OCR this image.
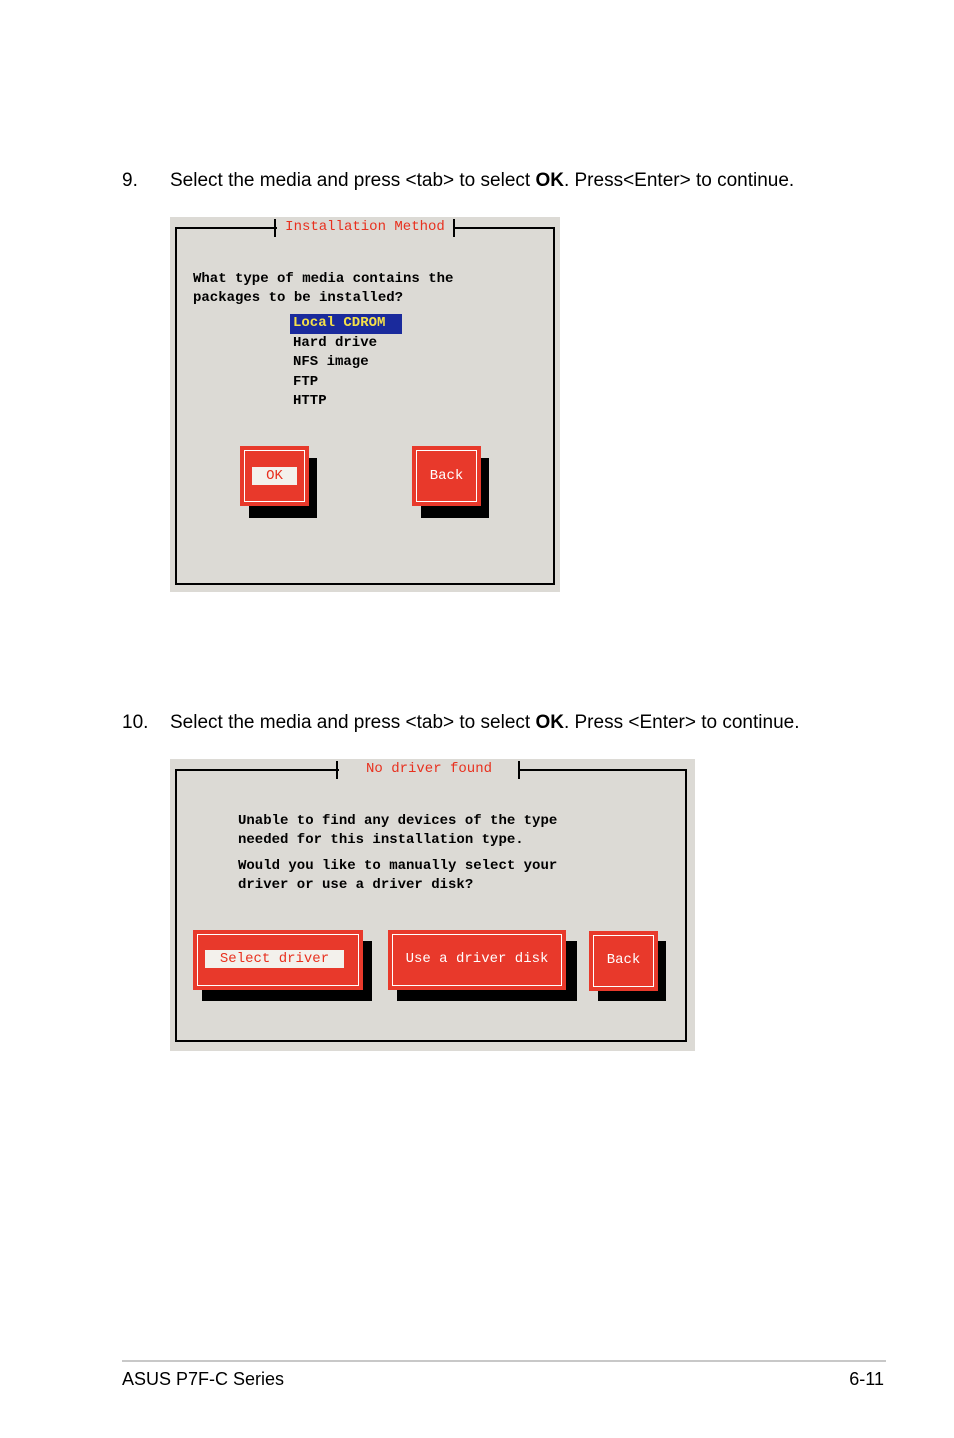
9. Select the media and press <tab> to select OK. Press<Enter> to continue.
Installation Method
What type of media contains the
packages to be installed?
Local CDROM
Hard drive
NFS image
FTP
HTTP
OK	Back
10. Select the media and press <tab> to select OK. Press <Enter> to continue.
No driver found
Unable to find any devices of the type
needed for this installation type.
Would you like to manually select your
driver or use a driver disk?
Select driver	Use a driver disk	Back
ASUS P7F-C Series	6-11
